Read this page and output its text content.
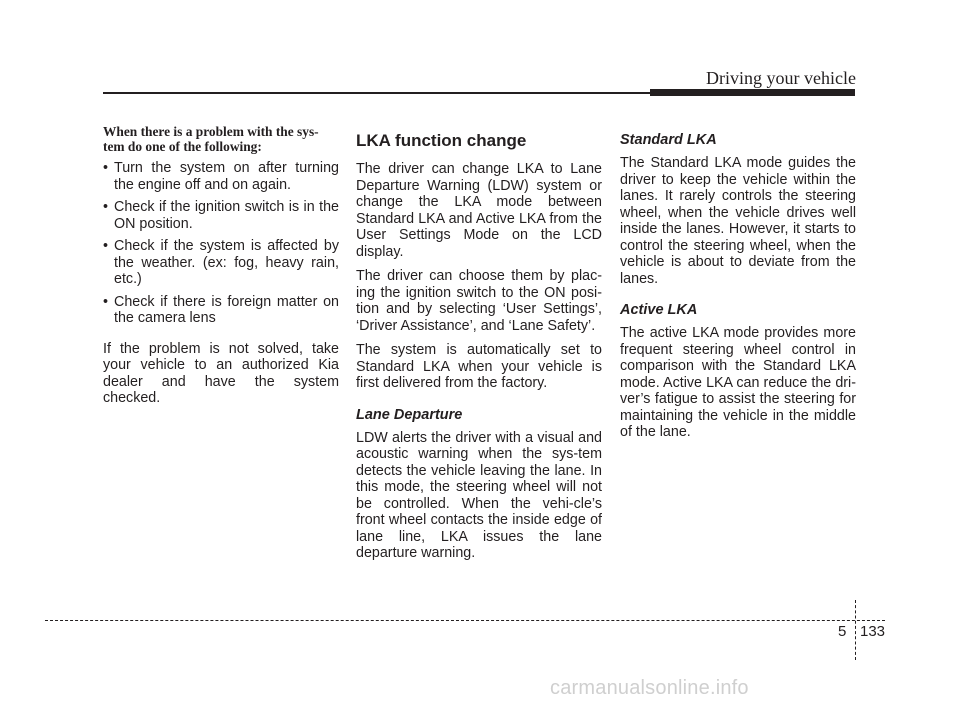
Driving your vehicle

When there is a problem with the sys-tem do one of the following:

• Turn the system on after turning the engine off and on again.
• Check if the ignition switch is in the ON position.
• Check if the system is affected by the weather. (ex: fog, heavy rain, etc.)
• Check if there is foreign matter on the camera lens

If the problem is not solved, take your vehicle to an authorized Kia dealer and have the system checked.

LKA function change

The driver can change LKA to Lane Departure Warning (LDW) system or change the LKA mode between Standard LKA and Active LKA from the User Settings Mode on the LCD display.

The driver can choose them by plac-ing the ignition switch to the ON posi-tion and by selecting ‘User Settings’, ‘Driver Assistance’, and ‘Lane Safety’.

The system is automatically set to Standard LKA when your vehicle is first delivered from the factory.

Lane Departure

LDW alerts the driver with a visual and acoustic warning when the sys-tem detects the vehicle leaving the lane. In this mode, the steering wheel will not be controlled. When the vehi-cle’s front wheel contacts the inside edge of lane line, LKA issues the lane departure warning.

Standard LKA

The Standard LKA mode guides the driver to keep the vehicle within the lanes. It rarely controls the steering wheel, when the vehicle drives well inside the lanes. However, it starts to control the steering wheel, when the vehicle is about to deviate from the lanes.

Active LKA

The active LKA mode provides more frequent steering wheel control in comparison with the Standard LKA mode. Active LKA can reduce the dri-ver’s fatigue to assist the steering for maintaining the vehicle in the middle of the lane.

5 133
carmanualsonline.info
